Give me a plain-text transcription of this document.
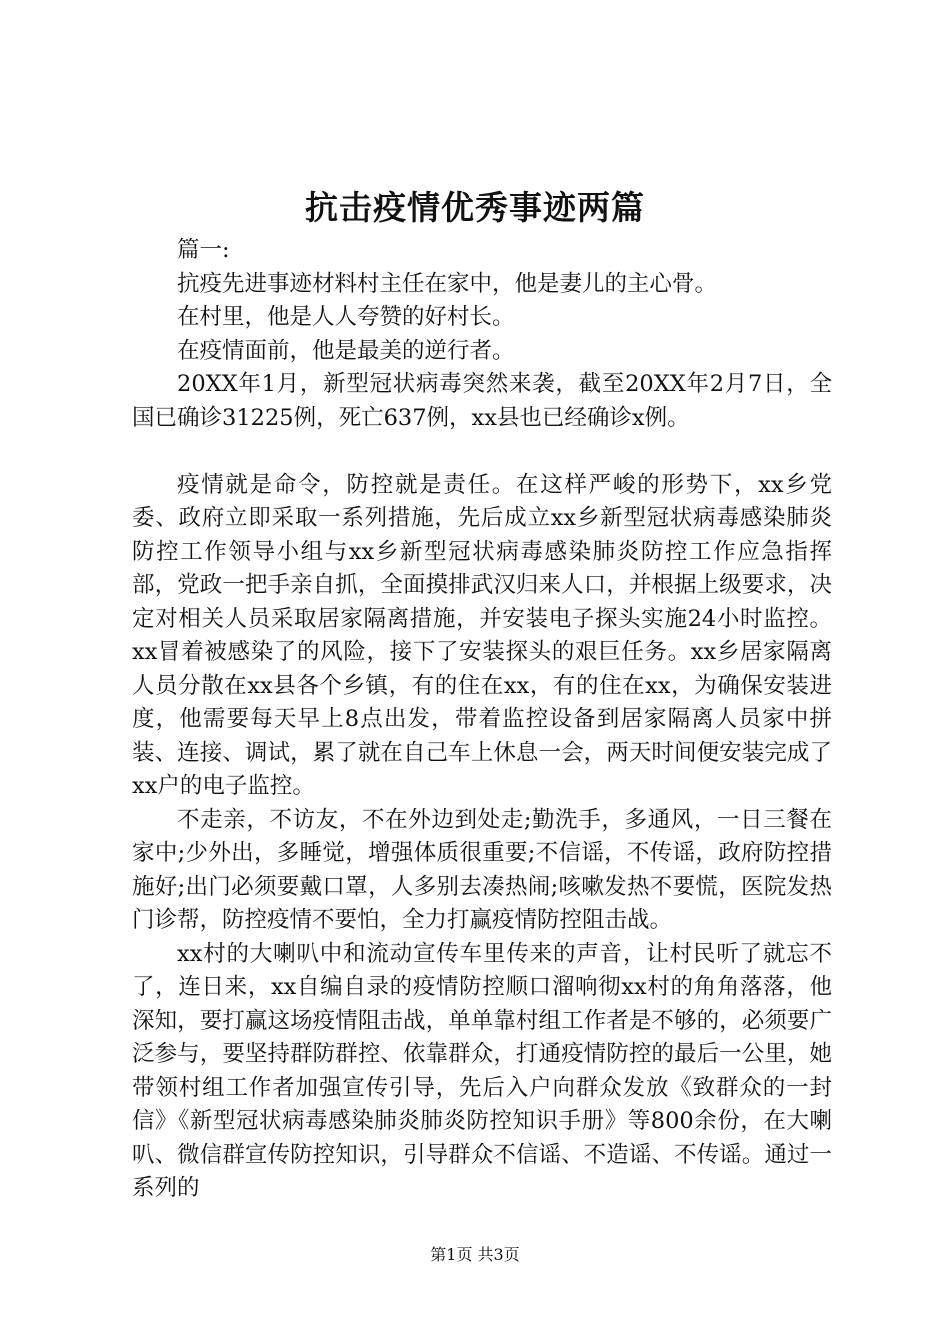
抗击疫情优秀事迹两篇

篇一:

抗疫先进事迹材料村主任在家中，他是妻儿的主心骨。

在村里，他是人人夸赞的好村长。

在疫情面前，他是最美的逆行者。

20XX年1月，新型冠状病毒突然来袭，截至20XX年2月7日，全国已确诊31225例，死亡637例，xx县也已经确诊x例。

疫情就是命令，防控就是责任。在这样严峻的形势下，xx乡党委、政府立即采取一系列措施，先后成立xx乡新型冠状病毒感染肺炎防控工作领导小组与xx乡新型冠状病毒感染肺炎防控工作应急指挥部，党政一把手亲自抓，全面摸排武汉归来人口，并根据上级要求，决定对相关人员采取居家隔离措施，并安装电子探头实施24小时监控。xx冒着被感染了的风险，接下了安装探头的艰巨任务。xx乡居家隔离人员分散在xx县各个乡镇，有的住在xx，有的住在xx，为确保安装进度，他需要每天早上8点出发，带着监控设备到居家隔离人员家中拼装、连接、调试，累了就在自己车上休息一会，两天时间便安装完成了xx户的电子监控。

不走亲，不访友，不在外边到处走;勤洗手，多通风，一日三餐在家中;少外出，多睡觉，增强体质很重要;不信谣，不传谣，政府防控措施好;出门必须要戴口罩，人多别去凑热闹;咳嗽发热不要慌，医院发热门诊帮，防控疫情不要怕，全力打赢疫情防控阻击战。

xx村的大喇叭中和流动宣传车里传来的声音，让村民听了就忘不了，连日来，xx自编自录的疫情防控顺口溜响彻xx村的角角落落，他深知，要打赢这场疫情阻击战，单单靠村组工作者是不够的，必须要广泛参与，要坚持群防群控、依靠群众，打通疫情防控的最后一公里，她带领村组工作者加强宣传引导，先后入户向群众发放《致群众的一封信》《新型冠状病毒感染肺炎肺炎防控知识手册》等800余份，在大喇叭、微信群宣传防控知识，引导群众不信谣、不造谣、不传谣。通过一系列的

第1页 共3页
